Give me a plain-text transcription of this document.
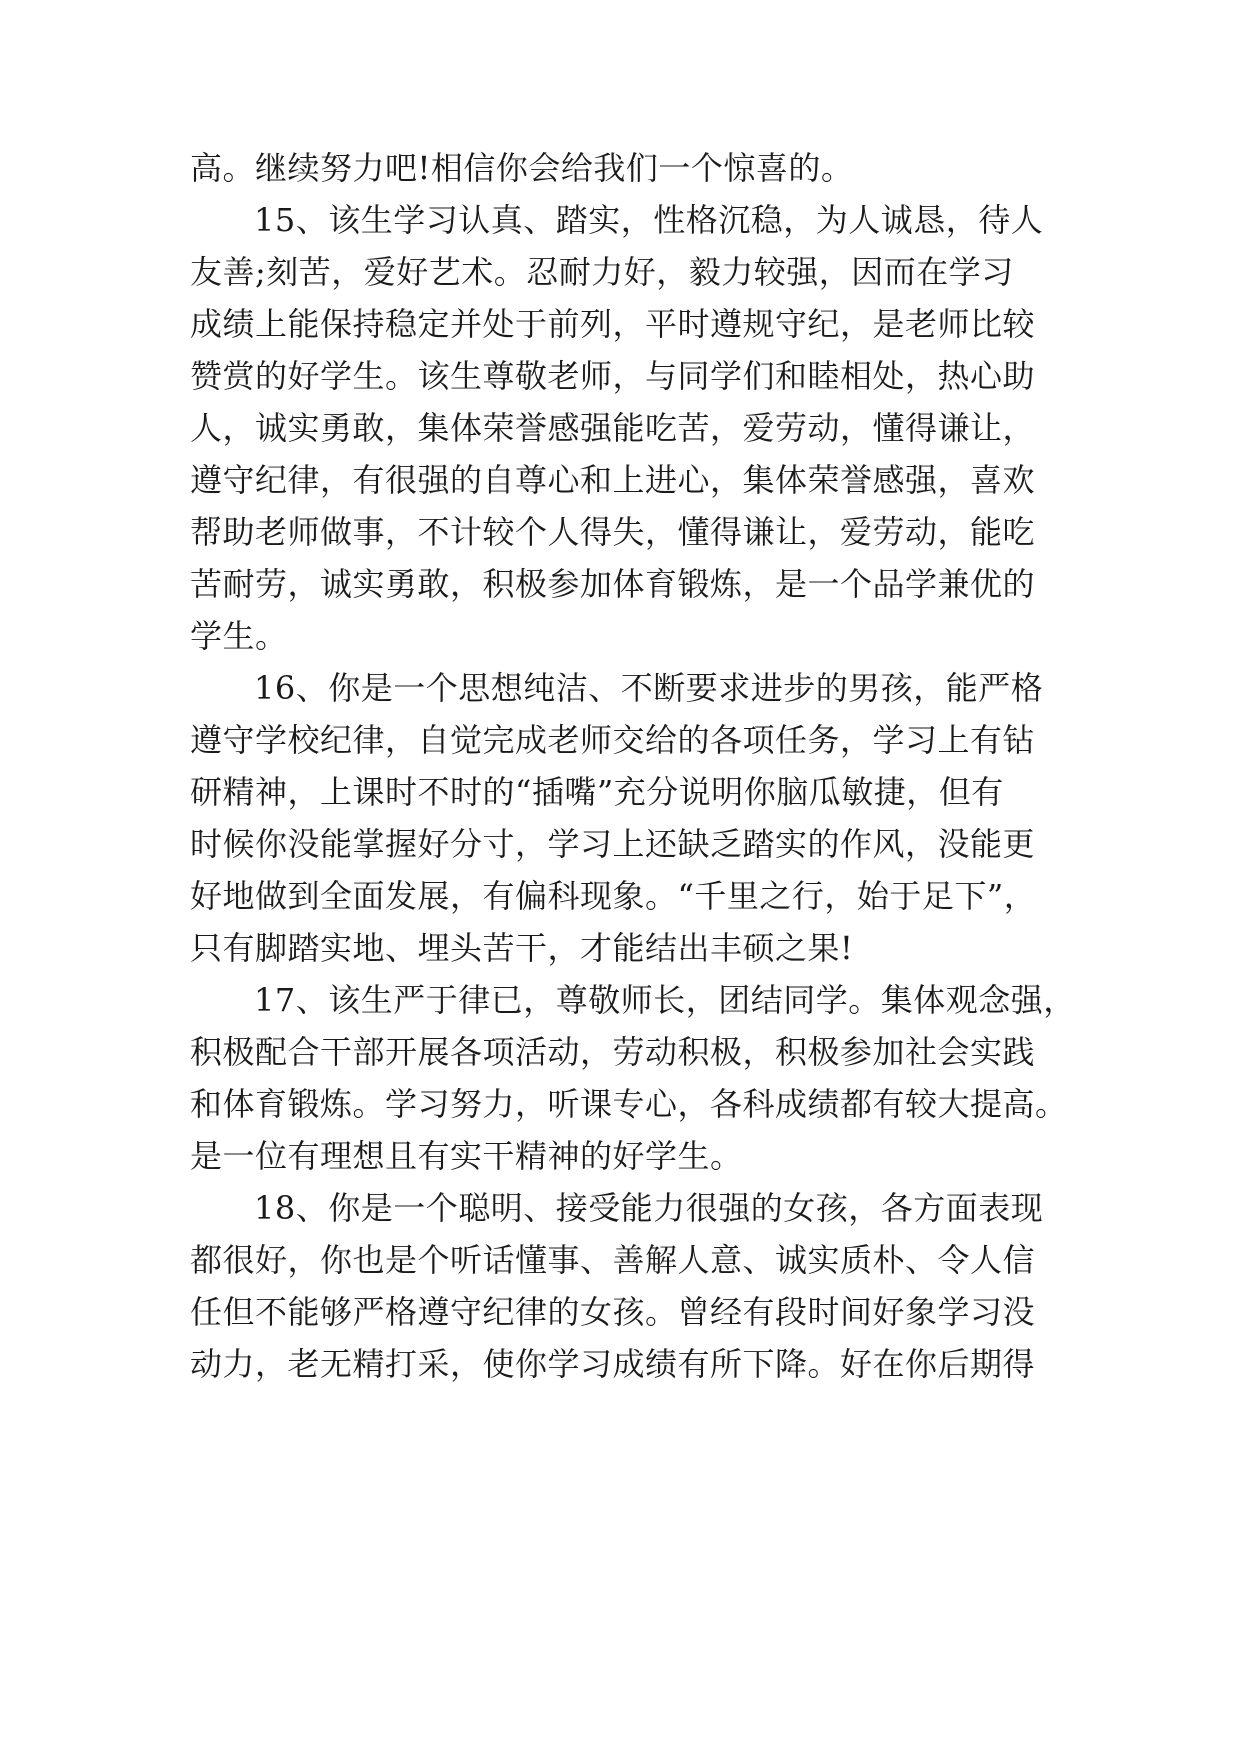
高。继续努力吧!相信你会给我们一个惊喜的。
15、该生学习认真、踏实，性格沉稳，为人诚恳，待人
友善;刻苦，爱好艺术。忍耐力好，毅力较强，因而在学习
成绩上能保持稳定并处于前列，平时遵规守纪，是老师比较
赞赏的好学生。该生尊敬老师，与同学们和睦相处，热心助
人，诚实勇敢，集体荣誉感强能吃苦，爱劳动，懂得谦让，
遵守纪律，有很强的自尊心和上进心，集体荣誉感强，喜欢
帮助老师做事，不计较个人得失，懂得谦让，爱劳动，能吃
苦耐劳，诚实勇敢，积极参加体育锻炼，是一个品学兼优的
学生。
16、你是一个思想纯洁、不断要求进步的男孩，能严格
遵守学校纪律，自觉完成老师交给的各项任务，学习上有钻
研精神，上课时不时的“插嘴”充分说明你脑瓜敏捷，但有
时候你没能掌握好分寸，学习上还缺乏踏实的作风，没能更
好地做到全面发展，有偏科现象。“千里之行，始于足下”，
只有脚踏实地、埋头苦干，才能结出丰硕之果!
17、该生严于律已，尊敬师长，团结同学。集体观念强，
积极配合干部开展各项活动，劳动积极，积极参加社会实践
和体育锻炼。学习努力，听课专心，各科成绩都有较大提高。
是一位有理想且有实干精神的好学生。
18、你是一个聪明、接受能力很强的女孩，各方面表现
都很好，你也是个听话懂事、善解人意、诚实质朴、令人信
任但不能够严格遵守纪律的女孩。曾经有段时间好象学习没
动力，老无精打采，使你学习成绩有所下降。好在你后期得
